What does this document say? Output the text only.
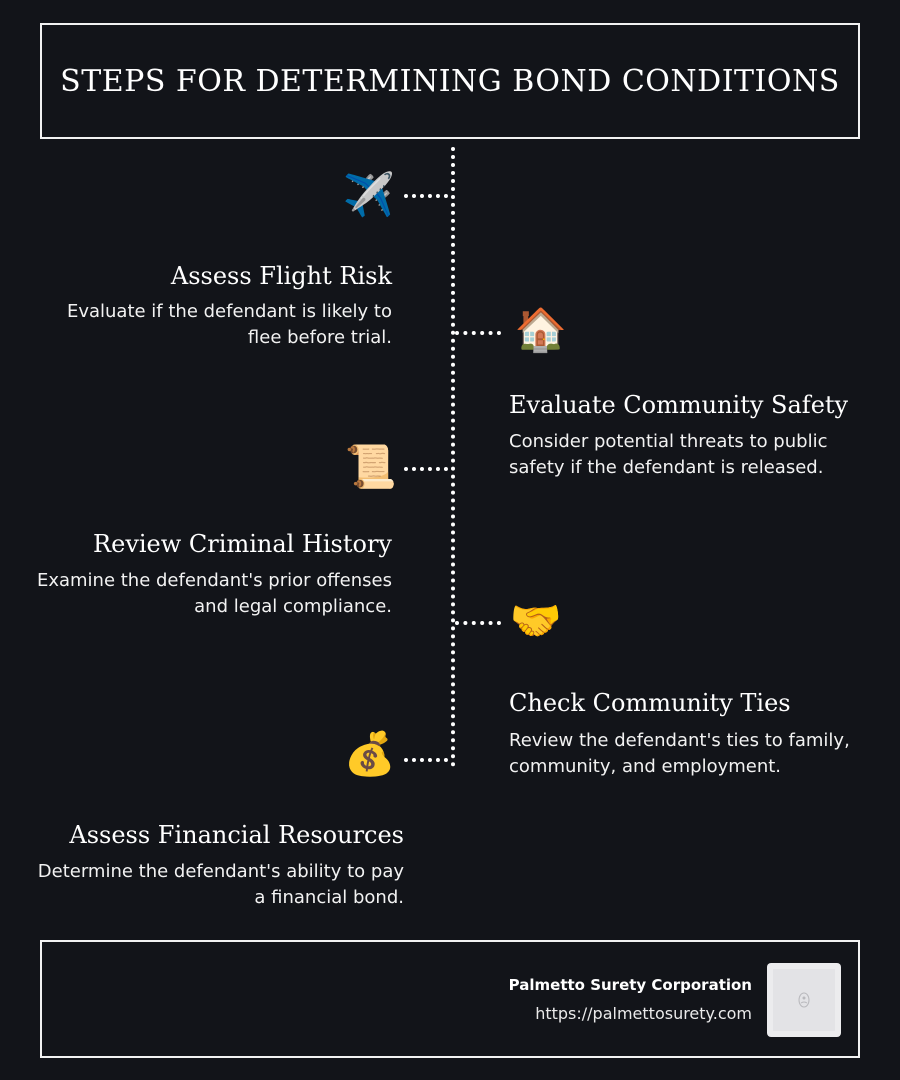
STEPS FOR DETERMINING BOND CONDITIONS
✈️
Assess Flight Risk
Evaluate if the defendant is likely to flee before trial.	🏠
Evaluate Community Safety
Consider potential threats to public safety if the defendant is released.
📜
Review Criminal History
Examine the defendant's prior offenses and legal compliance.	🤝
Check Community Ties
Review the defendant's ties to family, community, and employment.
💰
Assess Financial Resources
Determine the defendant's ability to pay a financial bond.
Palmetto Surety Corporation
https://palmettosurety.com
